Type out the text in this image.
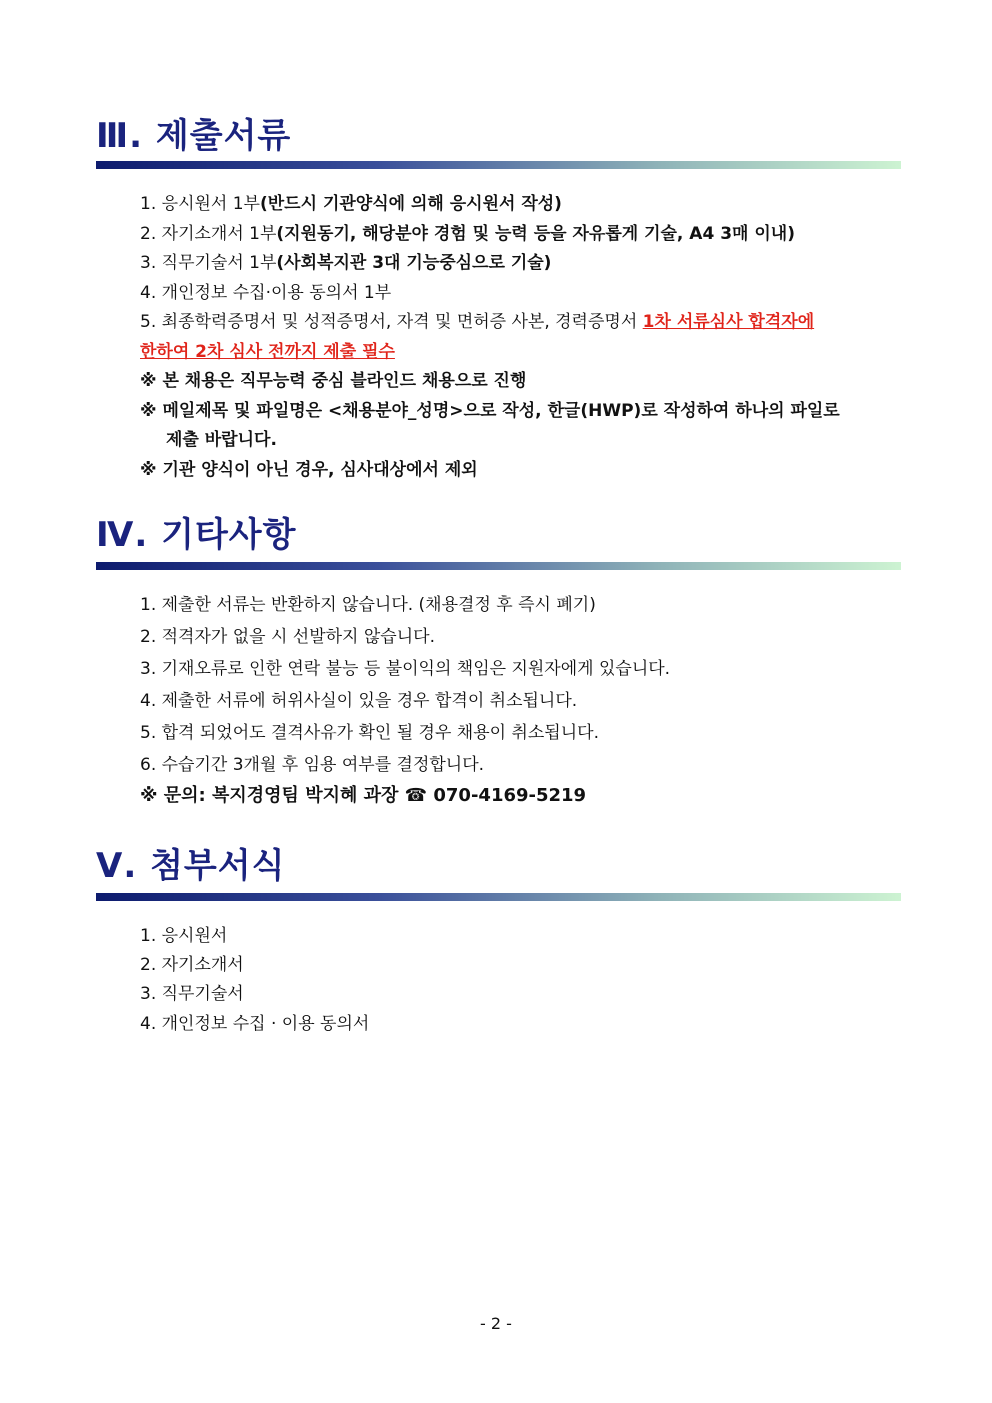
Ⅲ. 제출서류
1. 응시원서 1부(반드시 기관양식에 의해 응시원서 작성)
2. 자기소개서 1부(지원동기, 해당분야 경험 및 능력 등을 자유롭게 기술, A4 3매 이내)
3. 직무기술서 1부(사회복지관 3대 기능중심으로 기술)
4. 개인정보 수집·이용 동의서 1부
5. 최종학력증명서 및 성적증명서, 자격 및 면허증 사본, 경력증명서 1차 서류심사 합격자에
한하여 2차 심사 전까지 제출 필수
※ 본 채용은 직무능력 중심 블라인드 채용으로 진행
※ 메일제목 및 파일명은 <채용분야_성명>으로 작성, 한글(HWP)로 작성하여 하나의 파일로
제출 바랍니다.
※ 기관 양식이 아닌 경우, 심사대상에서 제외
Ⅳ. 기타사항
1. 제출한 서류는 반환하지 않습니다. (채용결정 후 즉시 폐기)
2. 적격자가 없을 시 선발하지 않습니다.
3. 기재오류로 인한 연락 불능 등 불이익의 책임은 지원자에게 있습니다.
4. 제출한 서류에 허위사실이 있을 경우 합격이 취소됩니다.
5. 합격 되었어도 결격사유가 확인 될 경우 채용이 취소됩니다.
6. 수습기간 3개월 후 임용 여부를 결정합니다.
※ 문의: 복지경영팀 박지혜 과장 ☎ 070-4169-5219
Ⅴ. 첨부서식
1. 응시원서
2. 자기소개서
3. 직무기술서
4. 개인정보 수집 · 이용 동의서
- 2 -
